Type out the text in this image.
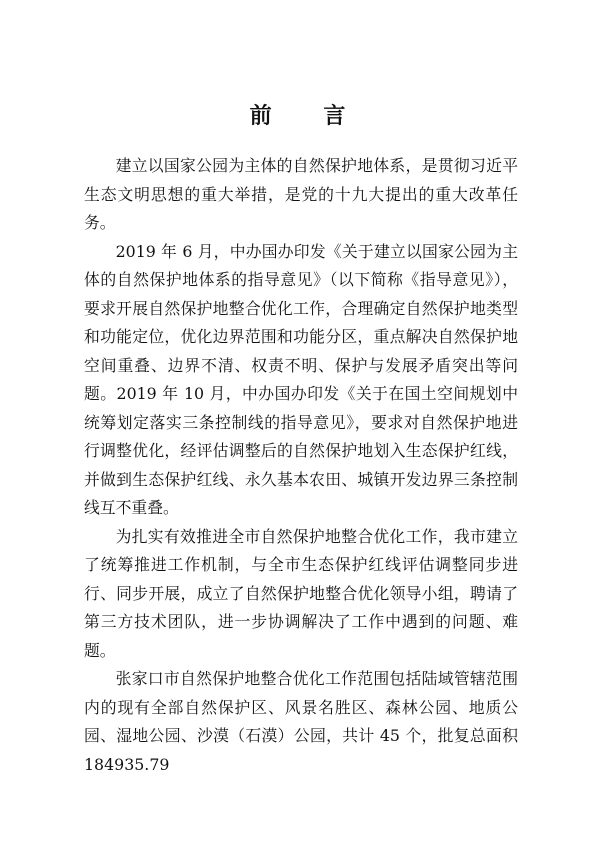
前 言

建立以国家公园为主体的自然保护地体系，是贯彻习近平生态文明思想的重大举措，是党的十九大提出的重大改革任务。

2019 年 6 月，中办国办印发《关于建立以国家公园为主体的自然保护地体系的指导意见》（以下简称《指导意见》），要求开展自然保护地整合优化工作，合理确定自然保护地类型和功能定位，优化边界范围和功能分区，重点解决自然保护地空间重叠、边界不清、权责不明、保护与发展矛盾突出等问题。2019 年 10 月，中办国办印发《关于在国土空间规划中统筹划定落实三条控制线的指导意见》，要求对自然保护地进行调整优化，经评估调整后的自然保护地划入生态保护红线，并做到生态保护红线、永久基本农田、城镇开发边界三条控制线互不重叠。

为扎实有效推进全市自然保护地整合优化工作，我市建立了统筹推进工作机制，与全市生态保护红线评估调整同步进行、同步开展，成立了自然保护地整合优化领导小组，聘请了第三方技术团队，进一步协调解决了工作中遇到的问题、难题。

张家口市自然保护地整合优化工作范围包括陆域管辖范围内的现有全部自然保护区、风景名胜区、森林公园、地质公园、湿地公园、沙漠（石漠）公园，共计 45 个，批复总面积 184935.79
